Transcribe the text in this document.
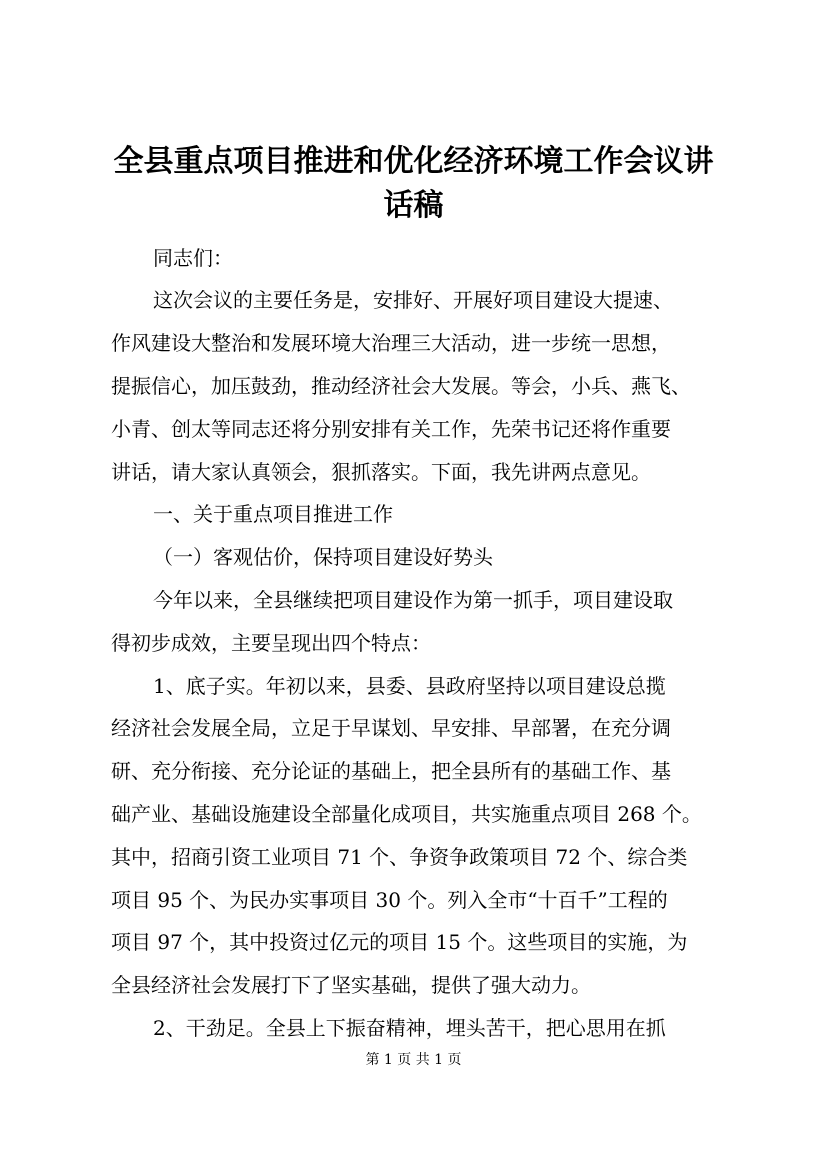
全县重点项目推进和优化经济环境工作会议讲
话稿
同志们：
这次会议的主要任务是，安排好、开展好项目建设大提速、
作风建设大整治和发展环境大治理三大活动，进一步统一思想，
提振信心，加压鼓劲，推动经济社会大发展。等会，小兵、燕飞、
小青、创太等同志还将分别安排有关工作，先荣书记还将作重要
讲话，请大家认真领会，狠抓落实。下面，我先讲两点意见。
一、关于重点项目推进工作
（一）客观估价，保持项目建设好势头
今年以来，全县继续把项目建设作为第一抓手，项目建设取
得初步成效，主要呈现出四个特点：
1、底子实。年初以来，县委、县政府坚持以项目建设总揽
经济社会发展全局，立足于早谋划、早安排、早部署，在充分调
研、充分衔接、充分论证的基础上，把全县所有的基础工作、基
础产业、基础设施建设全部量化成项目，共实施重点项目 268 个。
其中，招商引资工业项目 71 个、争资争政策项目 72 个、综合类
项目 95 个、为民办实事项目 30 个。列入全市“十百千”工程的
项目 97 个，其中投资过亿元的项目 15 个。这些项目的实施，为
全县经济社会发展打下了坚实基础，提供了强大动力。
2、干劲足。全县上下振奋精神，埋头苦干，把心思用在抓
第 1 页 共 1 页
